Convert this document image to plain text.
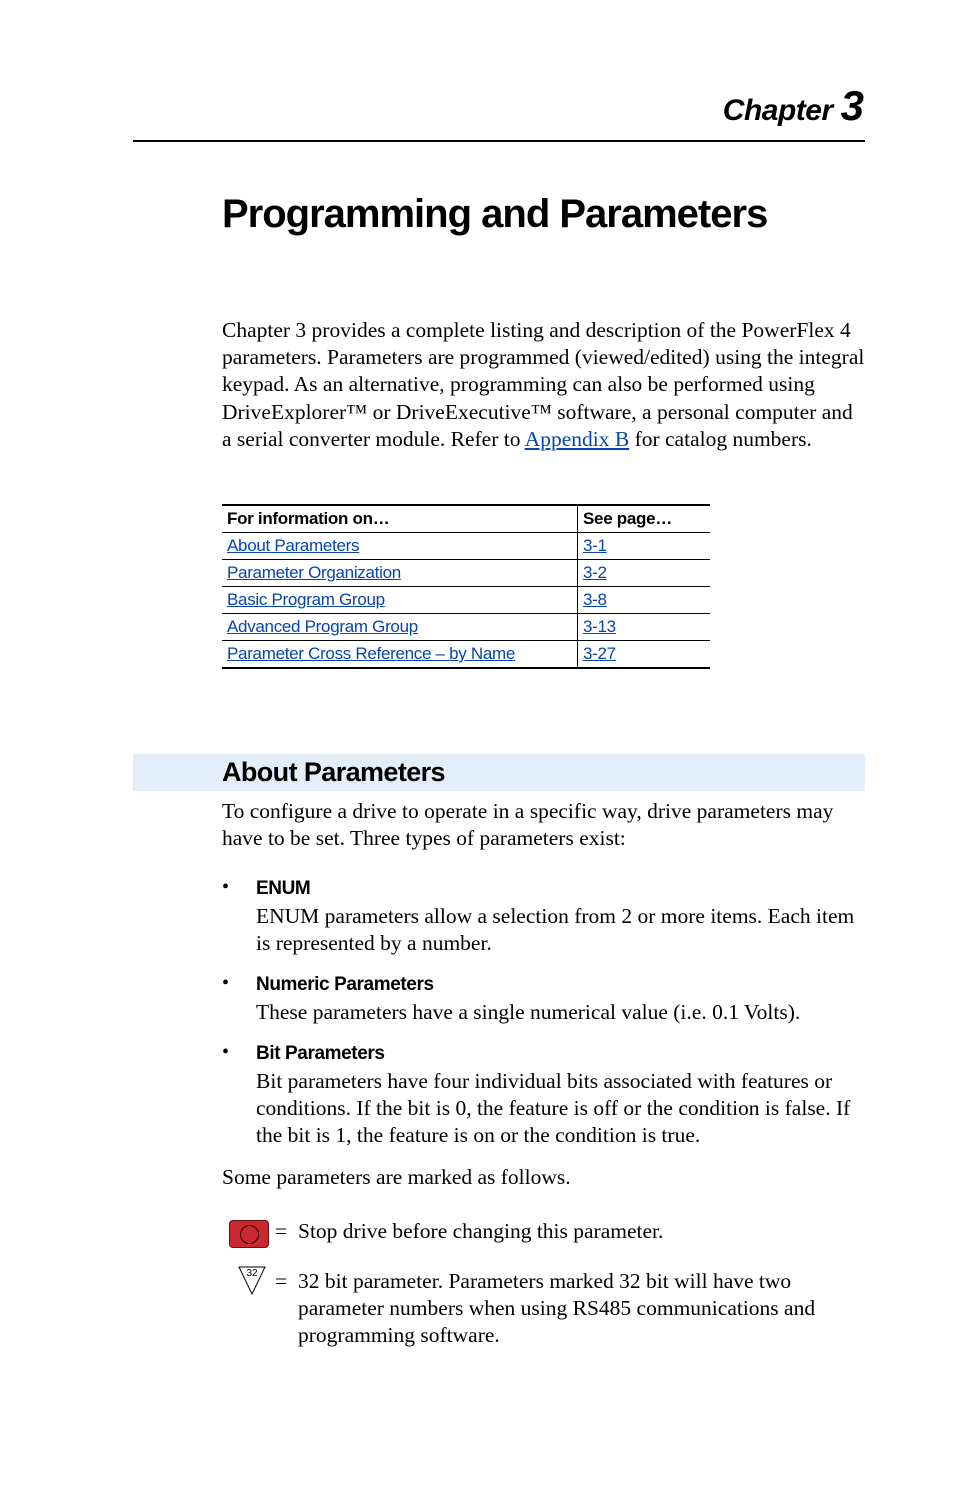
Chapter 3
Programming and Parameters

Chapter 3 provides a complete listing and description of the PowerFlex 4 parameters. Parameters are programmed (viewed/edited) using the integral keypad. As an alternative, programming can also be performed using DriveExplorer™ or DriveExecutive™ software, a personal computer and a serial converter module. Refer to Appendix B for catalog numbers.

For information on…	See page…
About Parameters	3-1
Parameter Organization	3-2
Basic Program Group	3-8
Advanced Program Group	3-13
Parameter Cross Reference – by Name	3-27
About Parameters

To configure a drive to operate in a specific way, drive parameters may have to be set. Three types of parameters exist:

• ENUM

ENUM parameters allow a selection from 2 or more items. Each item is represented by a number.

• Numeric Parameters

These parameters have a single numerical value (i.e. 0.1 Volts).

• Bit Parameters

Bit parameters have four individual bits associated with features or conditions. If the bit is 0, the feature is off or the condition is false. If the bit is 1, the feature is on or the condition is true.

Some parameters are marked as follows.

= Stop drive before changing this parameter.

32 = 32 bit parameter. Parameters marked 32 bit will have two parameter numbers when using RS485 communications and programming software.
